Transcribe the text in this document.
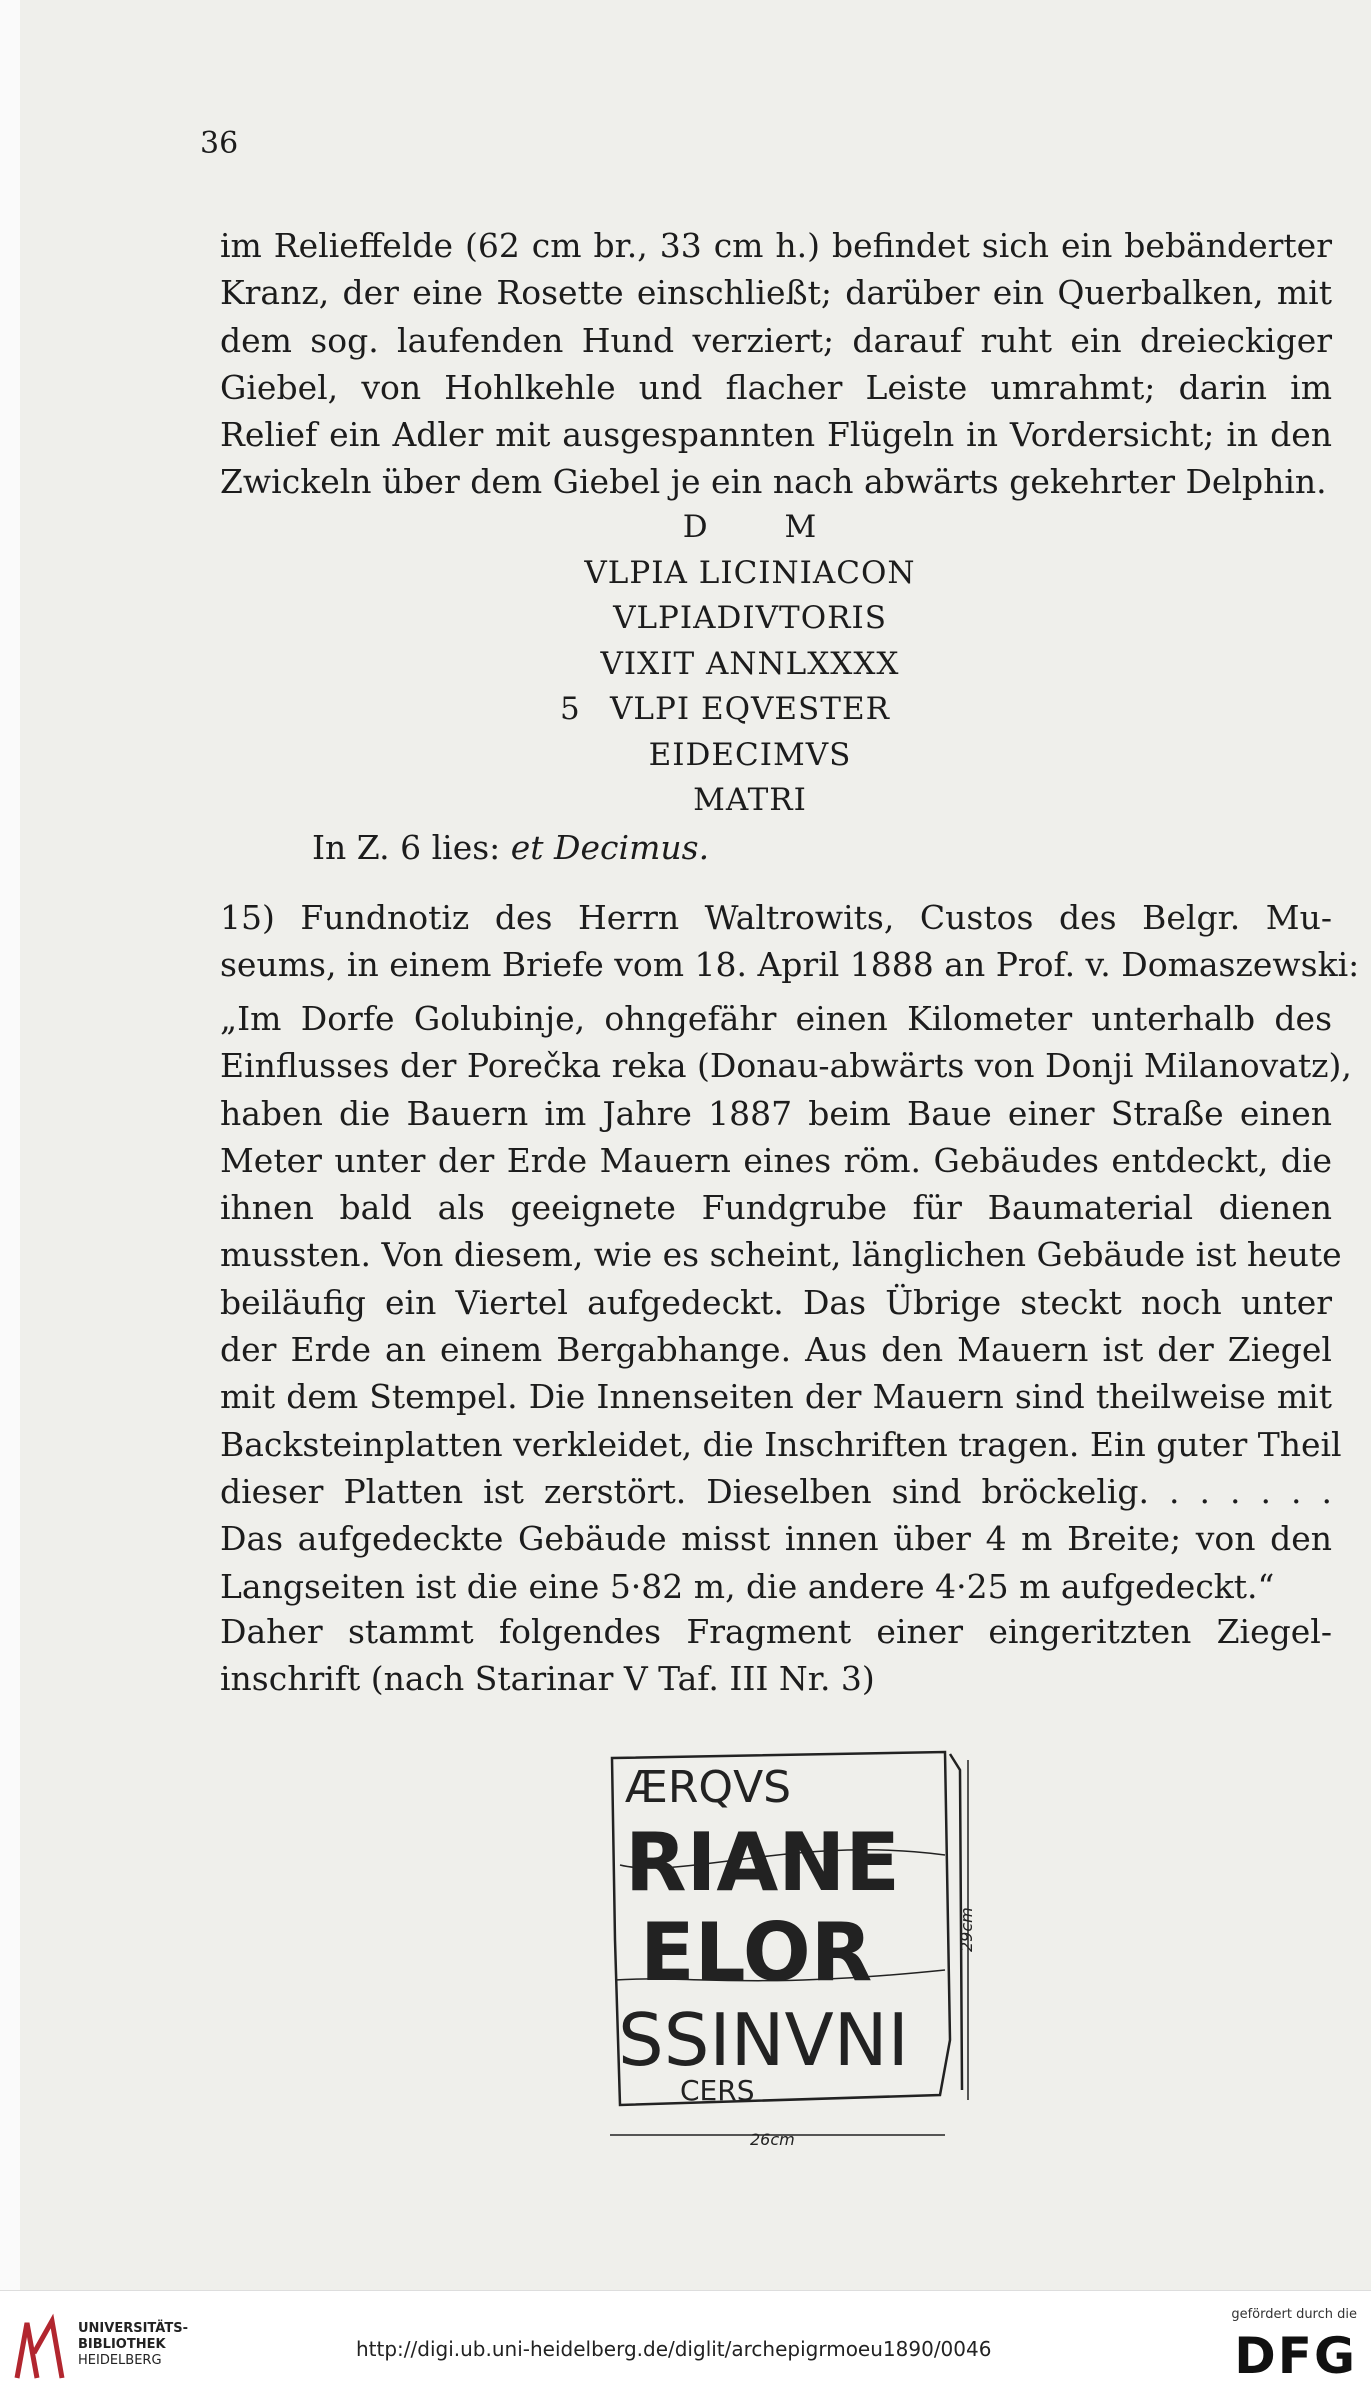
36
im Relieffelde (62 cm br., 33 cm h.) befindet sich ein bebänderter
Kranz, der eine Rosette einschließt; darüber ein Querbalken, mit
dem sog. laufenden Hund verziert; darauf ruht ein dreieckiger
Giebel, von Hohlkehle und flacher Leiste umrahmt; darin im
Relief ein Adler mit ausgespannten Flügeln in Vordersicht; in den
Zwickeln über dem Giebel je ein nach abwärts gekehrter Delphin.
D       M
VLPIA LICINIACON
VLPIADIVTORIS
VIXIT ANNLXXXX
5 VLPI EQVESTER
EIDECIMVS
MATRI
In Z. 6 lies: et Decimus.
15) Fundnotiz des Herrn Waltrowits, Custos des Belgr. Mu-
seums, in einem Briefe vom 18. April 1888 an Prof. v. Domaszewski:
„Im Dorfe Golubinje, ohngefähr einen Kilometer unterhalb des
Einflusses der Porečka reka (Donau-abwärts von Donji Milanovatz),
haben die Bauern im Jahre 1887 beim Baue einer Straße einen
Meter unter der Erde Mauern eines röm. Gebäudes entdeckt, die
ihnen bald als geeignete Fundgrube für Baumaterial dienen
mussten. Von diesem, wie es scheint, länglichen Gebäude ist heute
beiläufig ein Viertel aufgedeckt. Das Übrige steckt noch unter
der Erde an einem Bergabhange. Aus den Mauern ist der Ziegel
mit dem Stempel. Die Innenseiten der Mauern sind theilweise mit
Backsteinplatten verkleidet, die Inschriften tragen. Ein guter Theil
dieser Platten ist zerstört. Dieselben sind bröckelig. . . . . . .
Das aufgedeckte Gebäude misst innen über 4 m Breite; von den
Langseiten ist die eine 5·82 m, die andere 4·25 m aufgedeckt.“
Daher stammt folgendes Fragment einer eingeritzten Ziegel-
inschrift (nach Starinar V Taf. III Nr. 3)
ÆRQVS
RIANE
ELOR
SSINVNI
CERS
26cm
29cm
UNIVERSITÄTS-
BIBLIOTHEK
HEIDELBERG	http://digi.ub.uni-heidelberg.de/diglit/archepigrmoeu1890/0046
gefördert durch die
DFG
